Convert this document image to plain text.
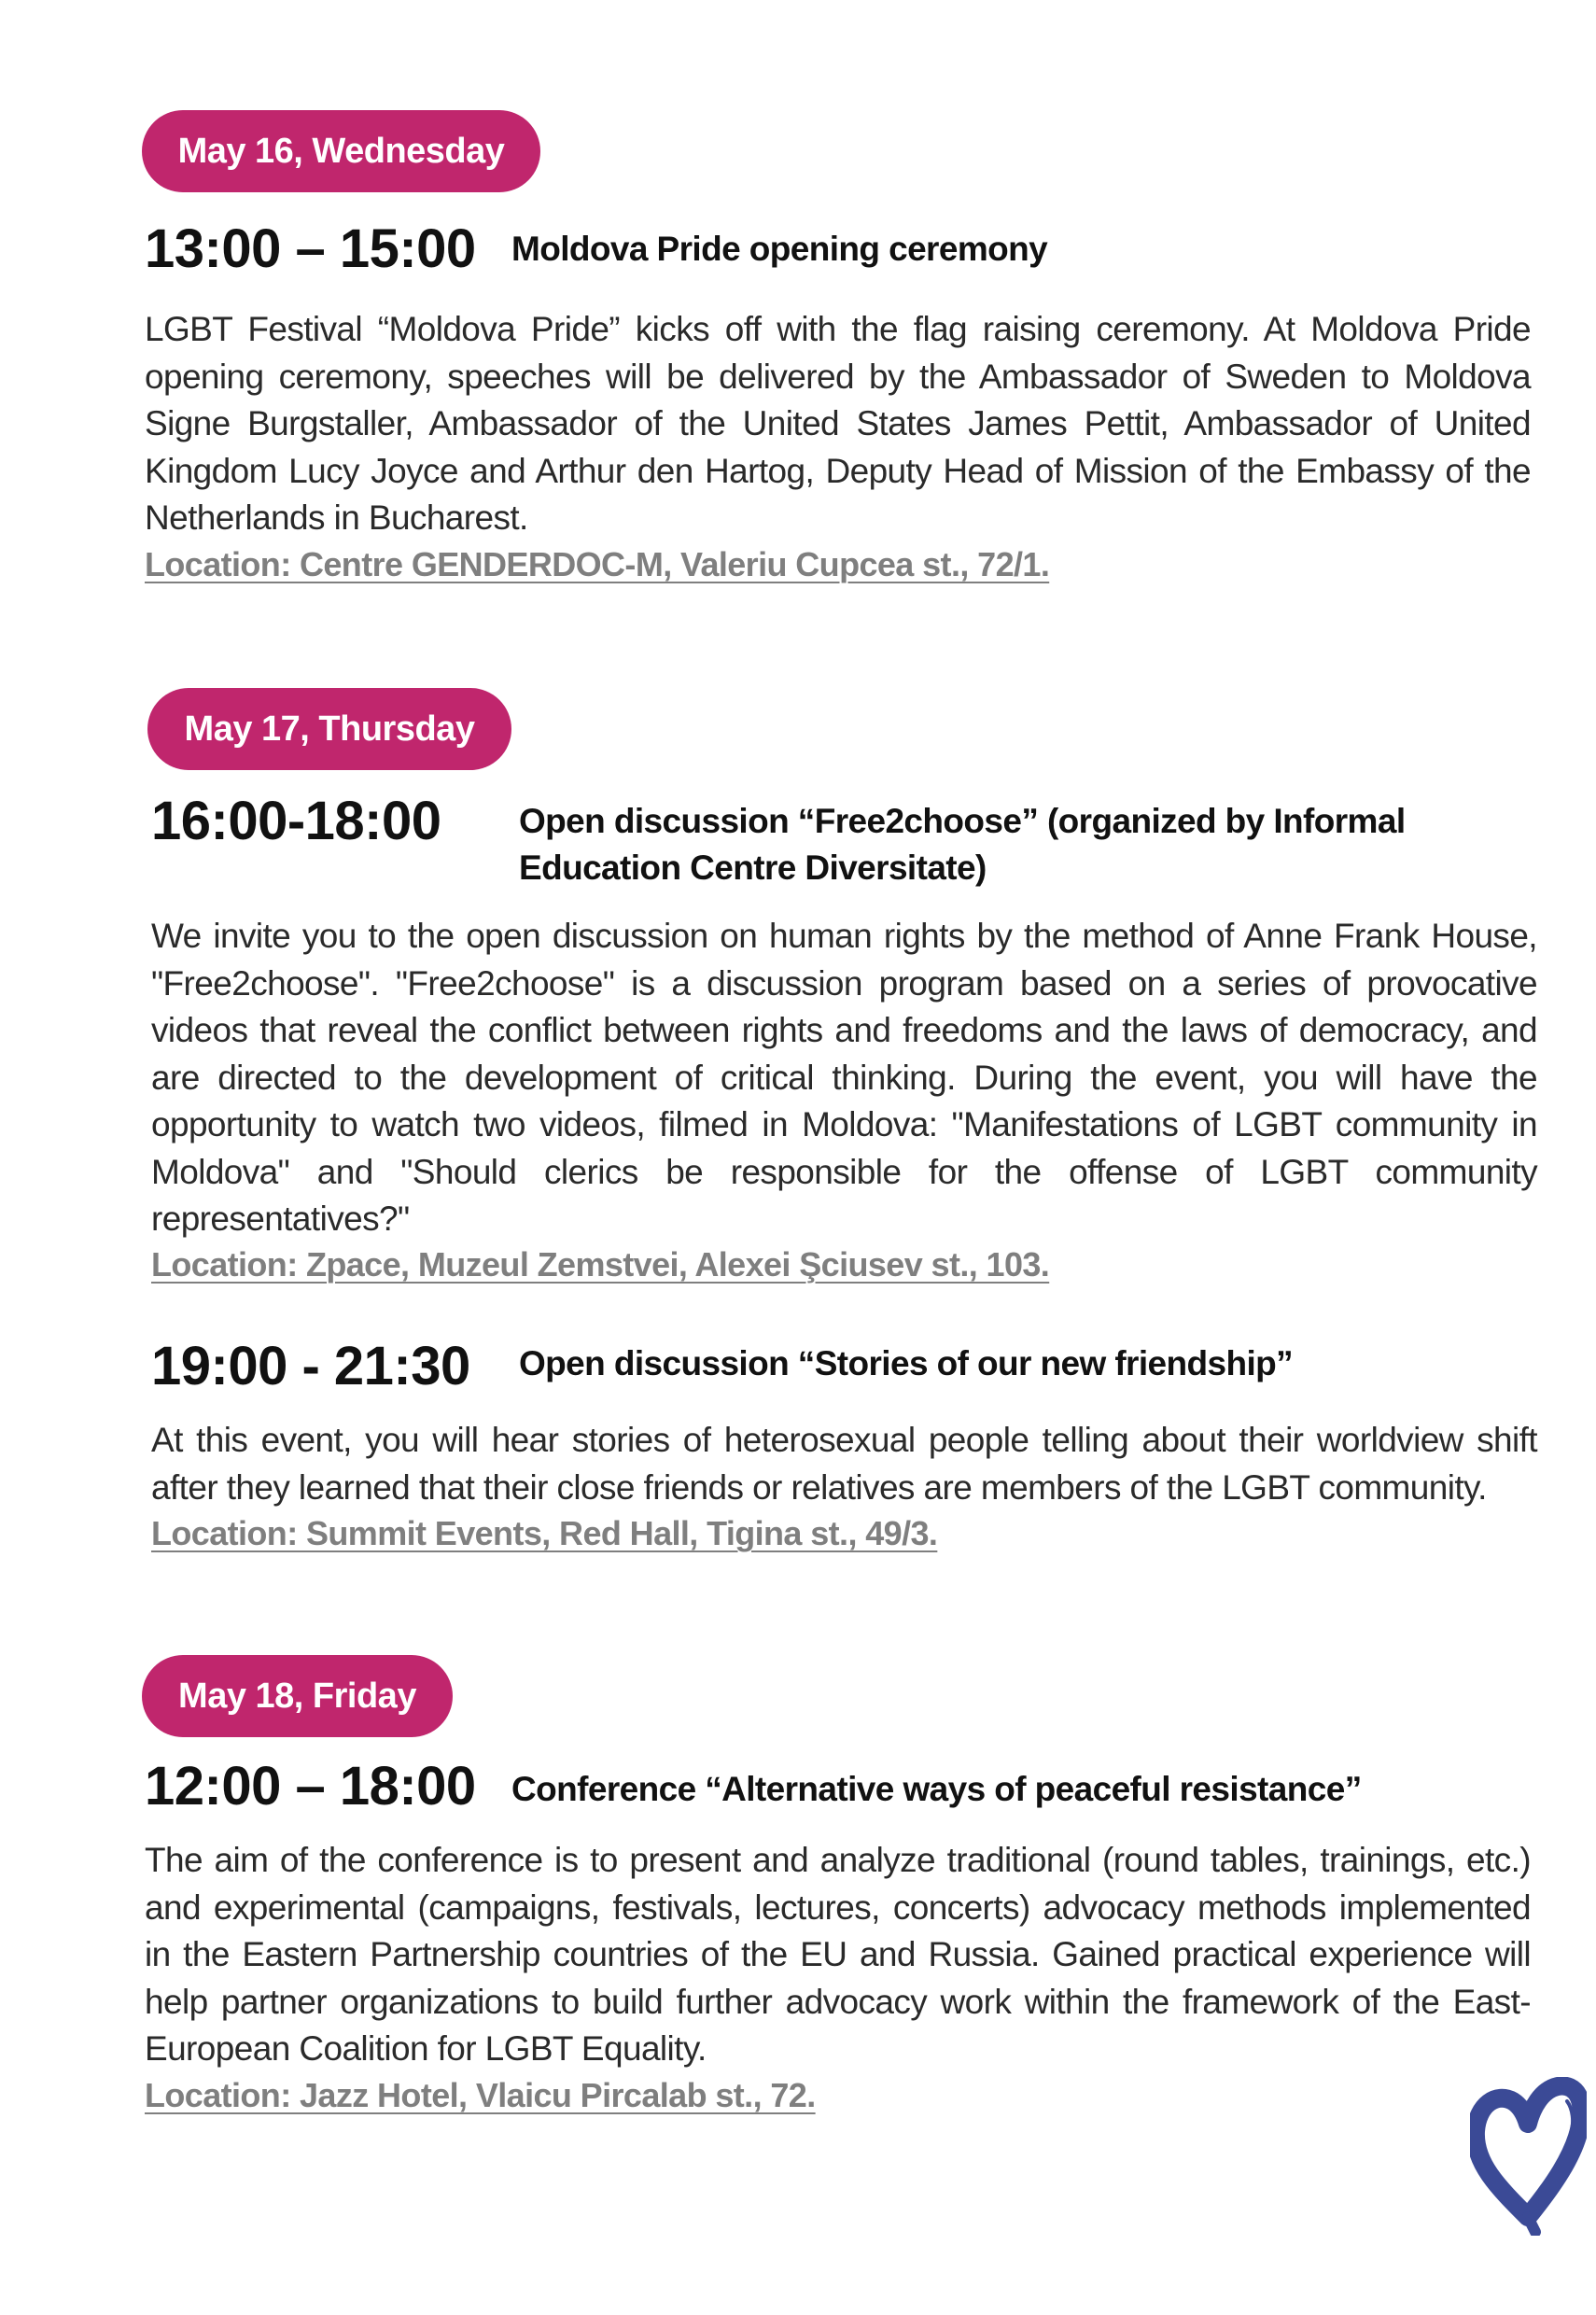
May 16, Wednesday
13:00 – 15:00 Moldova Pride opening ceremony

LGBT Festival “Moldova Pride” kicks off with the flag raising ceremony. At Moldova Pride opening ceremony, speeches will be delivered by the Ambassador of Sweden to Moldova Signe Burgstaller, Ambassador of the United States James Pettit, Ambassador of United Kingdom Lucy Joyce and Arthur den Hartog, Deputy Head of Mission of the Embassy of the Netherlands in Bucharest.

Location: Centre GENDERDOC-M, Valeriu Cupcea st., 72/1.
May 17, Thursday
16:00-18:00 Open discussion “Free2choose” (organized by Informal Education Centre Diversitate)

We invite you to the open discussion on human rights by the method of Anne Frank House, "Free2choose". "Free2choose" is a discussion program based on a series of provocative videos that reveal the conflict between rights and freedoms and the laws of democracy, and are directed to the development of critical thinking. During the event, you will have the opportunity to watch two videos, filmed in Moldova: "Manifestations of LGBT community in Moldova" and "Should clerics be responsible for the offense of LGBT community representatives?"

Location: Zpace, Muzeul Zemstvei, Alexei Şciusev st., 103.
19:00 - 21:30 Open discussion “Stories of our new friendship”

At this event, you will hear stories of heterosexual people telling about their worldview shift after they learned that their close friends or relatives are members of the LGBT community.

Location: Summit Events, Red Hall, Tigina st., 49/3.
May 18, Friday
12:00 – 18:00 Conference “Alternative ways of peaceful resistance”

The aim of the conference is to present and analyze traditional (round tables, trainings, etc.) and experimental (campaigns, festivals, lectures, concerts) advocacy methods implemented in the Eastern Partnership countries of the EU and Russia. Gained practical experience will help partner organizations to build further advocacy work within the framework of the East-European Coalition for LGBT Equality.

Location: Jazz Hotel, Vlaicu Pircalab st., 72.
